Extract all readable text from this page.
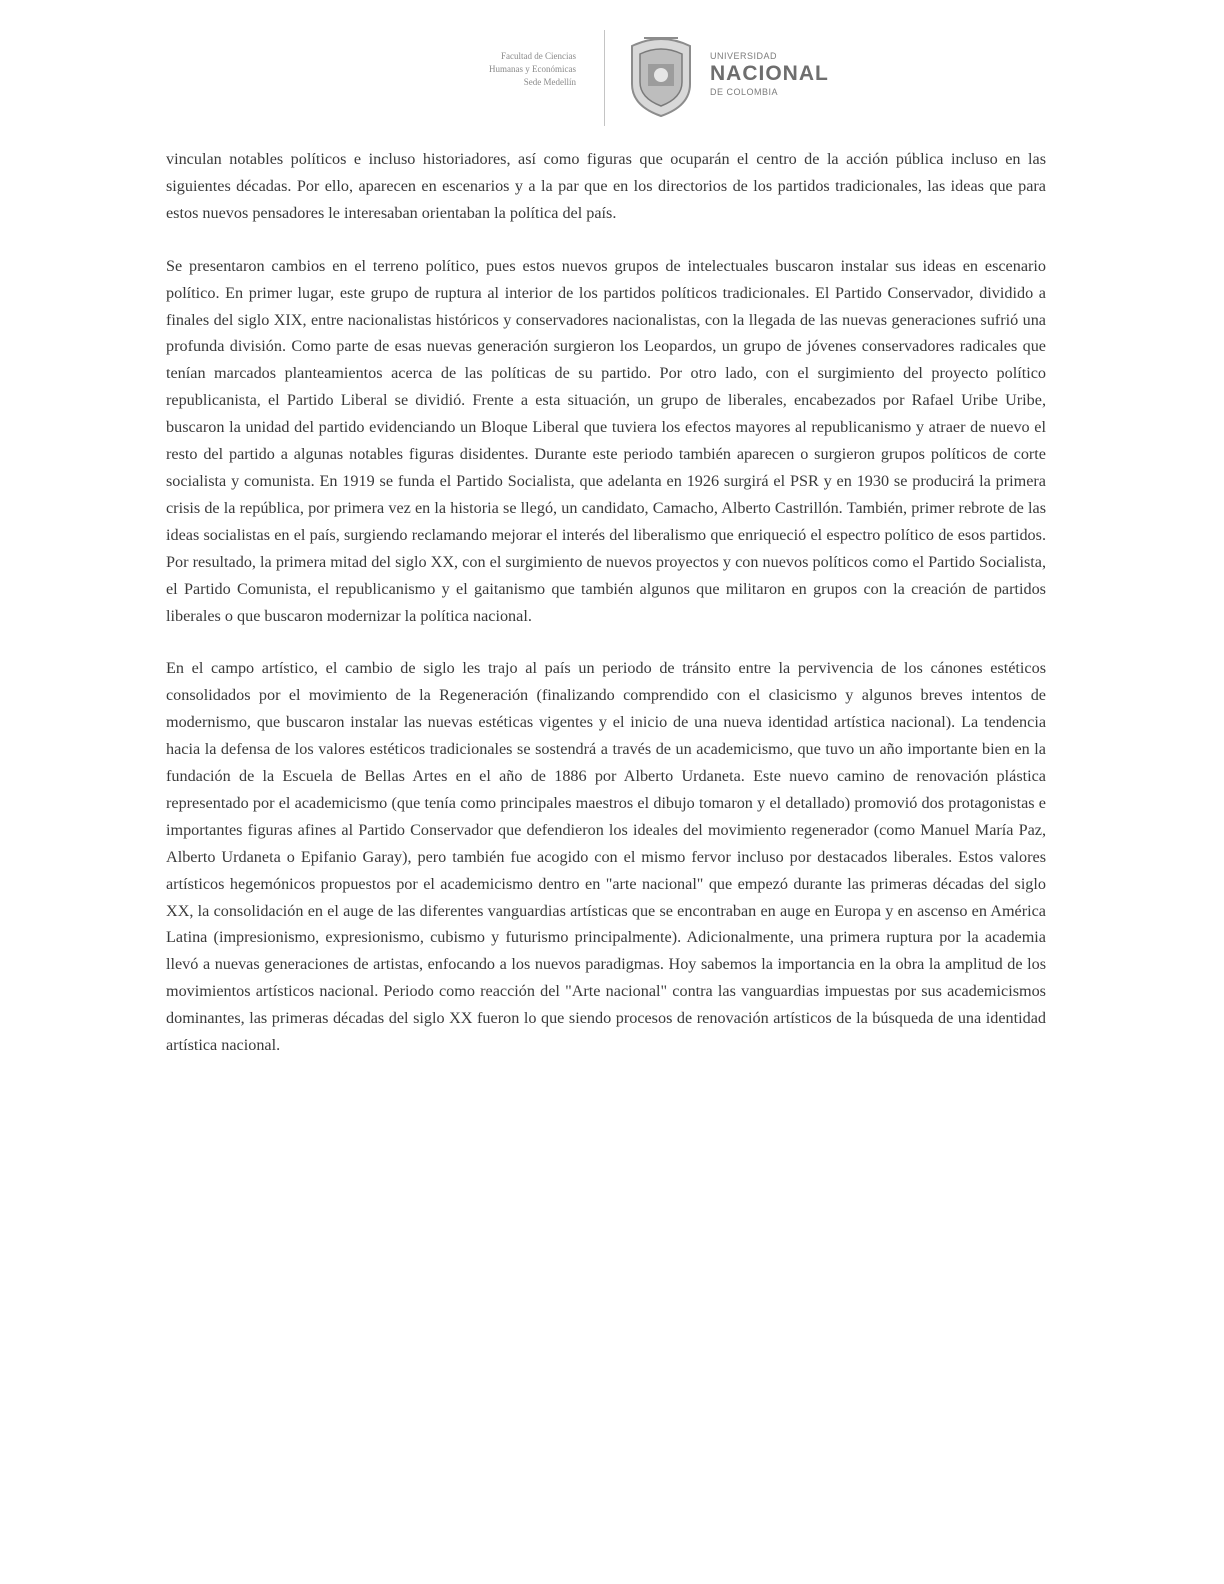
Facultad de Ciencias
Humanas y Económicas
Sede Medellín
UNIVERSIDAD
NACIONAL
DE COLOMBIA

vinculan notables políticos e incluso historiadores, así como figuras que ocuparán el centro de la acción pública incluso en las siguientes décadas. Por ello, aparecen en escenarios y a la par que en los directorios de los partidos tradicionales, las ideas que para estos nuevos pensadores le interesaban orientaban la política del país.

Se presentaron cambios en el terreno político, pues estos nuevos grupos de intelectuales buscaron instalar sus ideas en escenario político. En primer lugar, este grupo de ruptura al interior de los partidos políticos tradicionales. El Partido Conservador, dividido a finales del siglo XIX, entre nacionalistas históricos y conservadores nacionalistas, con la llegada de las nuevas generaciones sufrió una profunda división. Como parte de esas nuevas generación surgieron los Leopardos, un grupo de jóvenes conservadores radicales que tenían marcados planteamientos acerca de las políticas de su partido. Por otro lado, con el surgimiento del proyecto político republicanista, el Partido Liberal se dividió. Frente a esta situación, un grupo de liberales, encabezados por Rafael Uribe Uribe, buscaron la unidad del partido evidenciando un Bloque Liberal que tuviera los efectos mayores al republicanismo y atraer de nuevo el resto del partido a algunas notables figuras disidentes. Durante este periodo también aparecen o surgieron grupos políticos de corte socialista y comunista. En 1919 se funda el Partido Socialista, que adelanta en 1926 surgirá el PSR y en 1930 se producirá la primera crisis de la república, por primera vez en la historia se llegó, un candidato, Camacho, Alberto Castrillón. También, primer rebrote de las ideas socialistas en el país, surgiendo reclamando mejorar el interés del liberalismo que enriqueció el espectro político de esos partidos. Por resultado, la primera mitad del siglo XX, con el surgimiento de nuevos proyectos y con nuevos políticos como el Partido Socialista, el Partido Comunista, el republicanismo y el gaitanismo que también algunos que militaron en grupos con la creación de partidos liberales o que buscaron modernizar la política nacional.

En el campo artístico, el cambio de siglo les trajo al país un periodo de tránsito entre la pervivencia de los cánones estéticos consolidados por el movimiento de la Regeneración (finalizando comprendido con el clasicismo y algunos breves intentos de modernismo, que buscaron instalar las nuevas estéticas vigentes y el inicio de una nueva identidad artística nacional). La tendencia hacia la defensa de los valores estéticos tradicionales se sostendrá a través de un academicismo, que tuvo un año importante bien en la fundación de la Escuela de Bellas Artes en el año de 1886 por Alberto Urdaneta. Este nuevo camino de renovación plástica representado por el academicismo (que tenía como principales maestros el dibujo tomaron y el detallado) promovió dos protagonistas e importantes figuras afines al Partido Conservador que defendieron los ideales del movimiento regenerador (como Manuel María Paz, Alberto Urdaneta o Epifanio Garay), pero también fue acogido con el mismo fervor incluso por destacados liberales. Estos valores artísticos hegemónicos propuestos por el academicismo dentro en "arte nacional" que empezó durante las primeras décadas del siglo XX, la consolidación en el auge de las diferentes vanguardias artísticas que se encontraban en auge en Europa y en ascenso en América Latina (impresionismo, expresionismo, cubismo y futurismo principalmente). Adicionalmente, una primera ruptura por la academia llevó a nuevas generaciones de artistas, enfocando a los nuevos paradigmas. Hoy sabemos la importancia en la obra la amplitud de los movimientos artísticos nacional. Periodo como reacción del "Arte nacional" contra las vanguardias impuestas por sus academicismos dominantes, las primeras décadas del siglo XX fueron lo que siendo procesos de renovación artísticos de la búsqueda de una identidad artística nacional.
